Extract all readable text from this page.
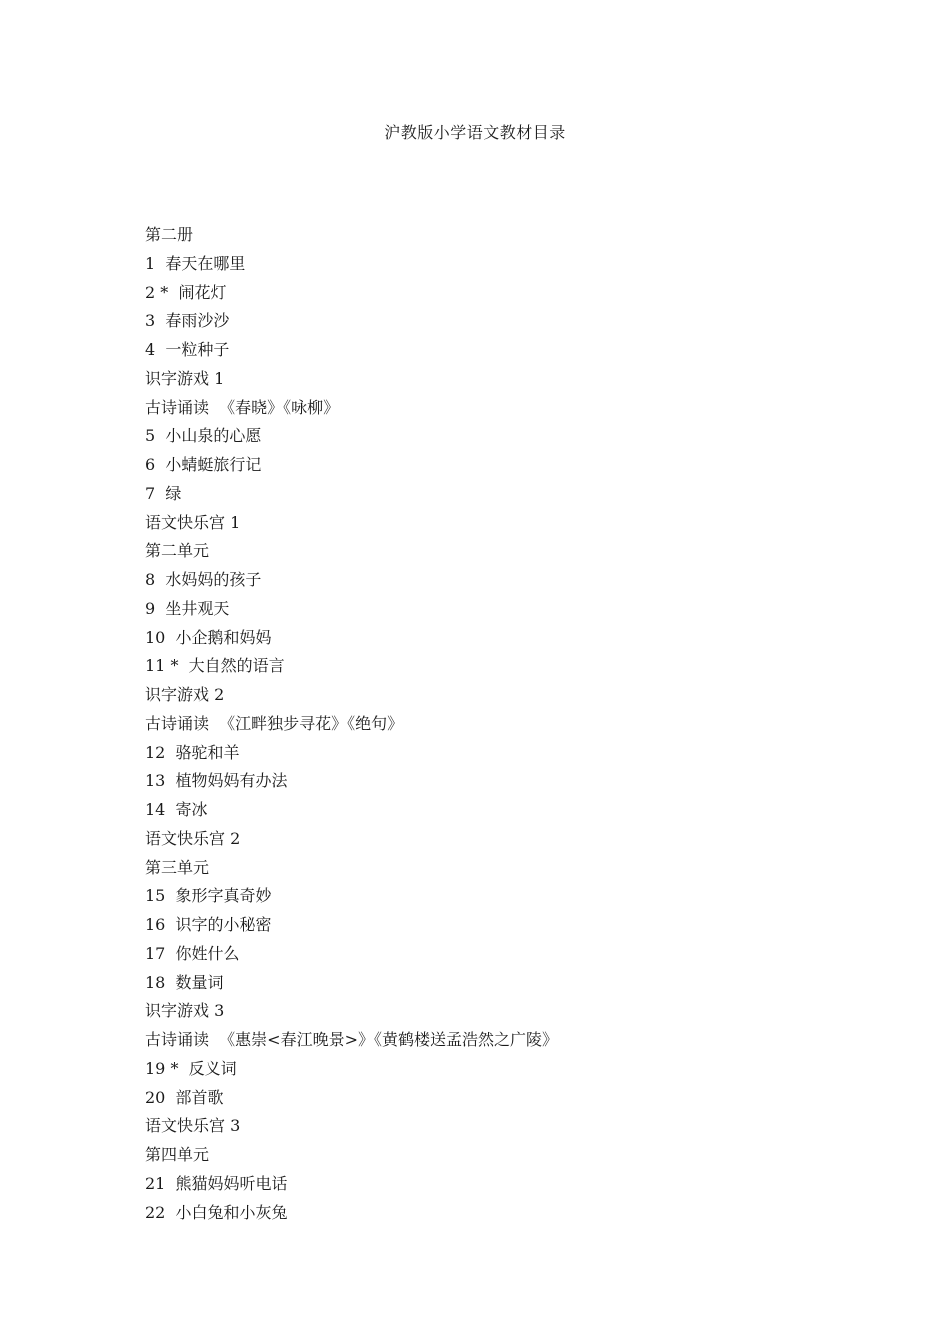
沪教版小学语文教材目录
第二册
1  春天在哪里
2 *  闹花灯
3  春雨沙沙
4  一粒种子
识字游戏 1
古诗诵读  《春晓》《咏柳》
5  小山泉的心愿
6  小蜻蜓旅行记
7  绿
语文快乐宫 1
第二单元
8  水妈妈的孩子
9  坐井观天
10  小企鹅和妈妈
11 *  大自然的语言
识字游戏 2
古诗诵读  《江畔独步寻花》《绝句》
12  骆驼和羊
13  植物妈妈有办法
14  寄冰
语文快乐宫 2
第三单元
15  象形字真奇妙
16  识字的小秘密
17  你姓什么
18  数量词
识字游戏 3
古诗诵读  《惠崇<春江晚景>》《黄鹤楼送孟浩然之广陵》
19 *  反义词
20  部首歌
语文快乐宫 3
第四单元
21  熊猫妈妈听电话
22  小白兔和小灰兔
